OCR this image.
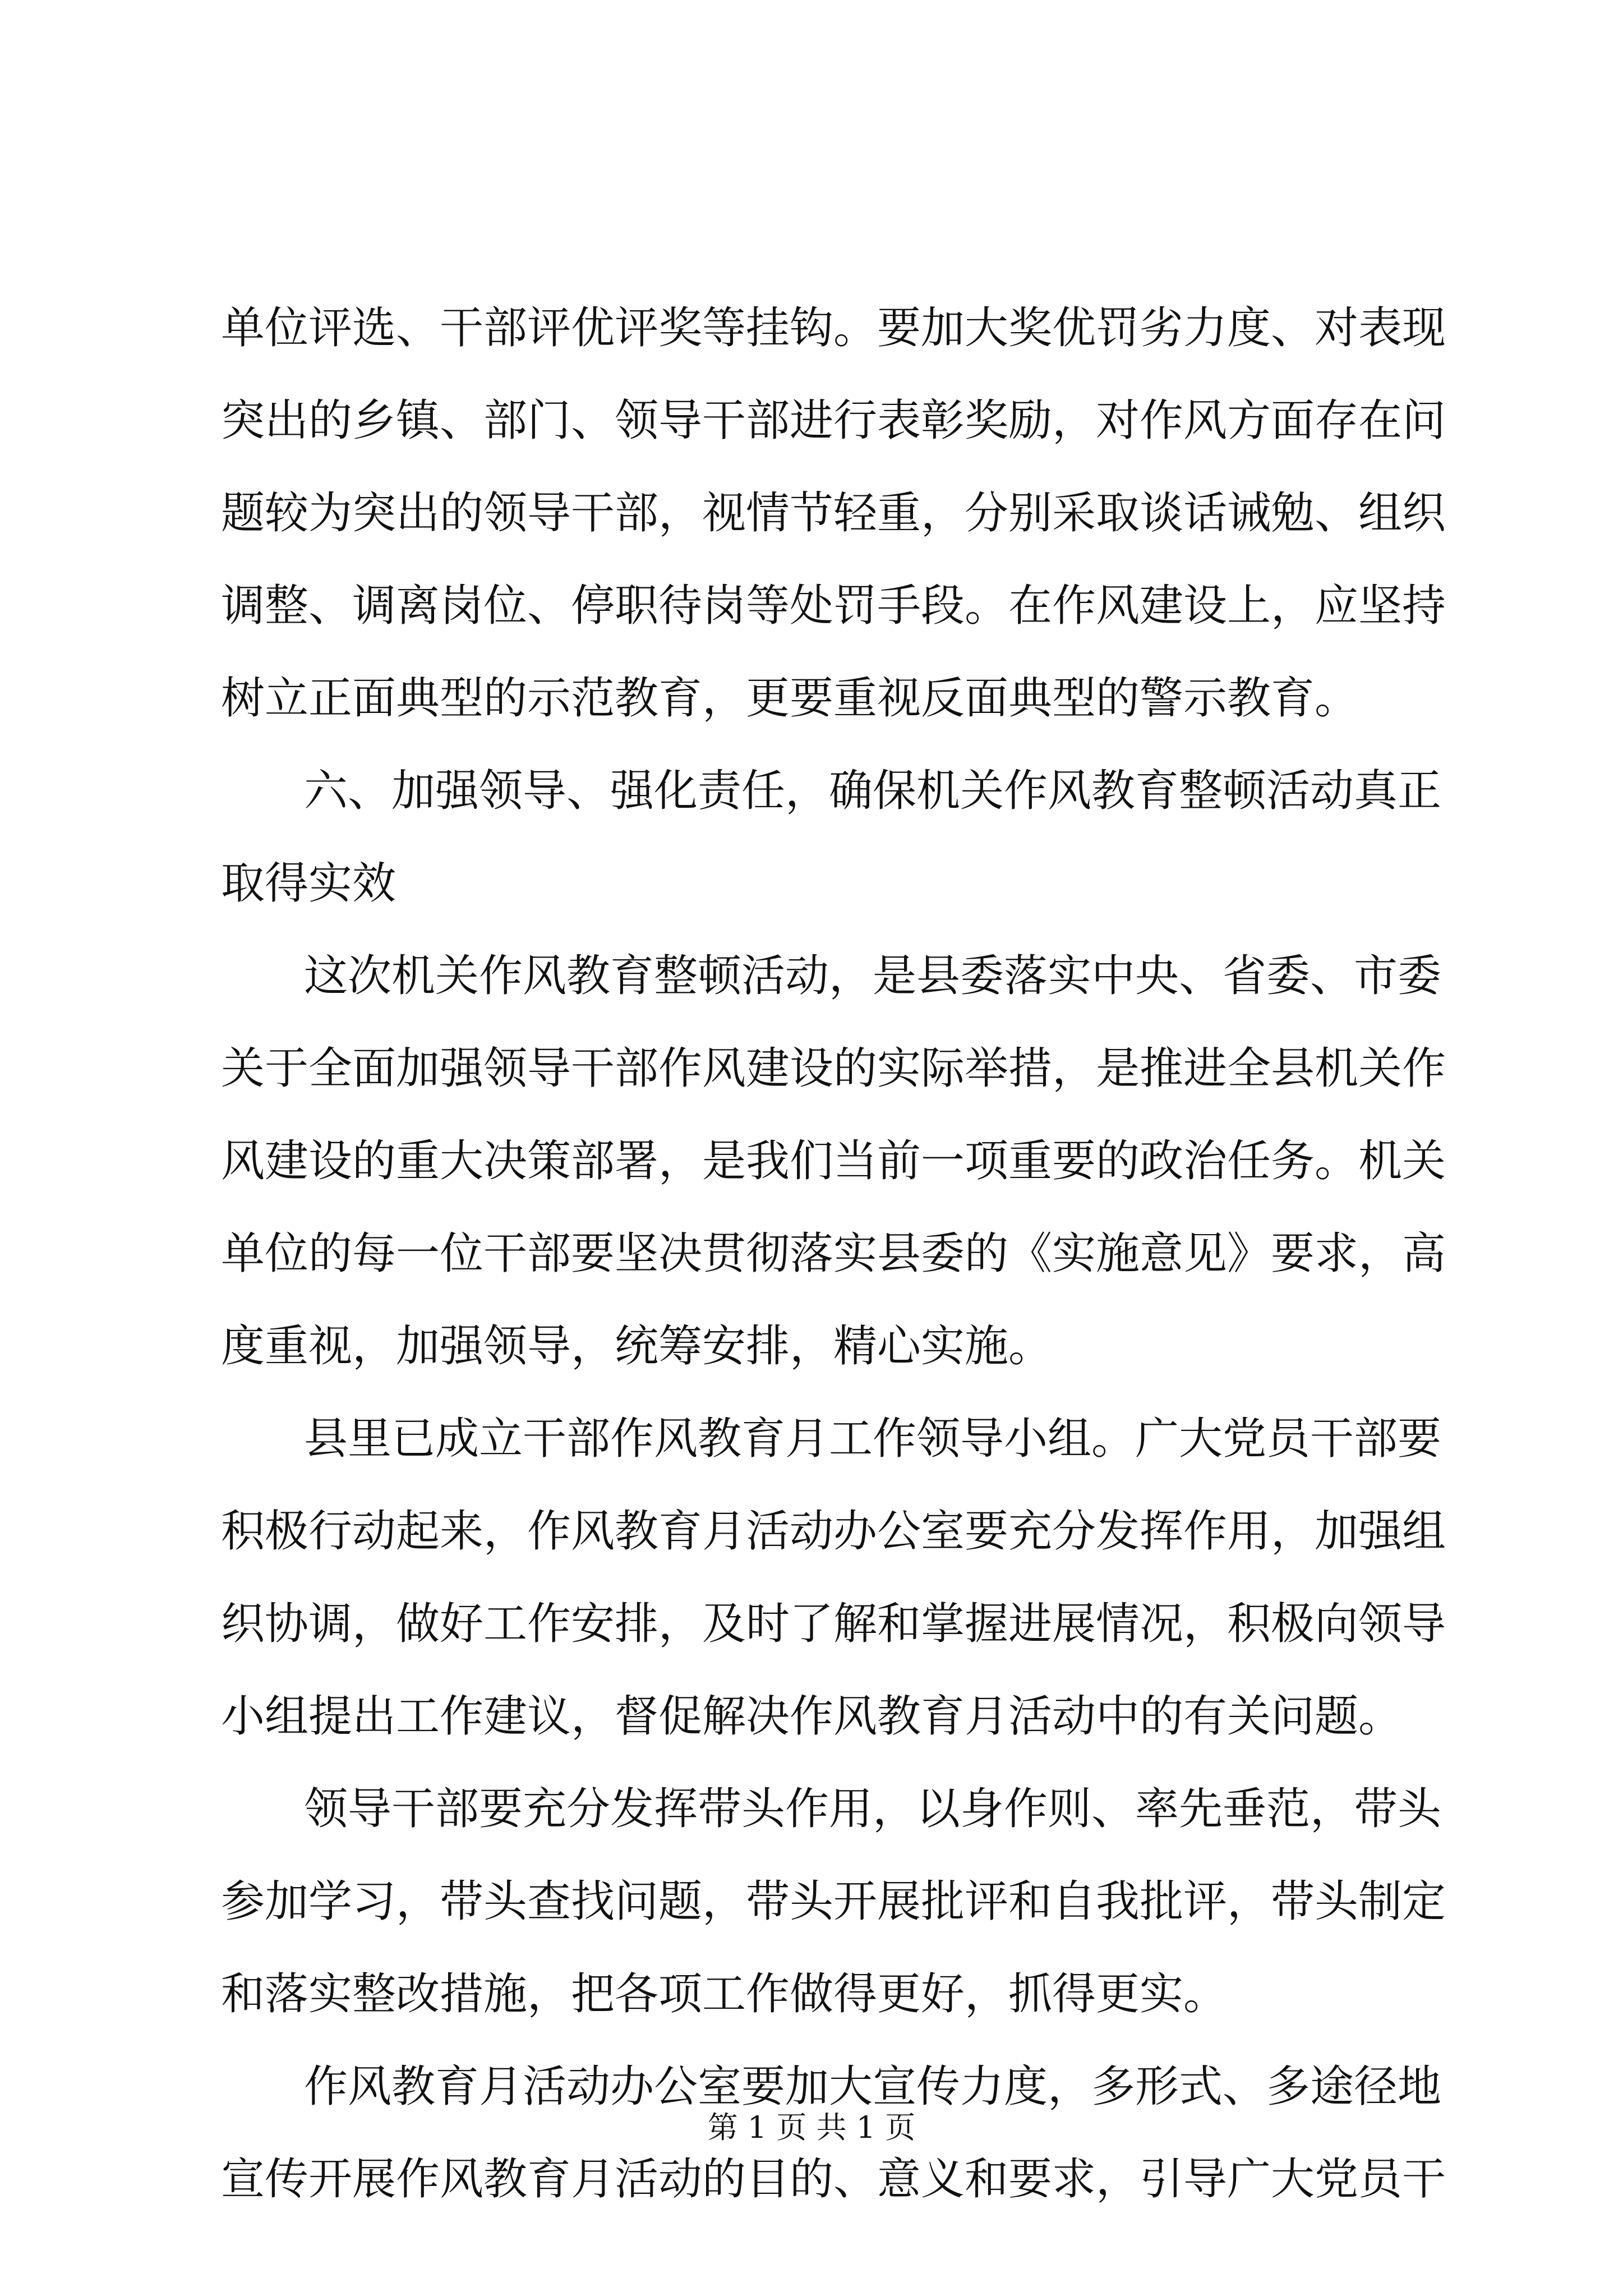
单位评选、干部评优评奖等挂钩。要加大奖优罚劣力度、对表现
突出的乡镇、部门、领导干部进行表彰奖励，对作风方面存在问
题较为突出的领导干部，视情节轻重，分别采取谈话诫勉、组织
调整、调离岗位、停职待岗等处罚手段。在作风建设上，应坚持
树立正面典型的示范教育，更要重视反面典型的警示教育。
六、加强领导、强化责任，确保机关作风教育整顿活动真正
取得实效
这次机关作风教育整顿活动，是县委落实中央、省委、市委
关于全面加强领导干部作风建设的实际举措，是推进全县机关作
风建设的重大决策部署，是我们当前一项重要的政治任务。机关
单位的每一位干部要坚决贯彻落实县委的《实施意见》要求，高
度重视，加强领导，统筹安排，精心实施。
县里已成立干部作风教育月工作领导小组。广大党员干部要
积极行动起来，作风教育月活动办公室要充分发挥作用，加强组
织协调，做好工作安排，及时了解和掌握进展情况，积极向领导
小组提出工作建议，督促解决作风教育月活动中的有关问题。
领导干部要充分发挥带头作用，以身作则、率先垂范，带头
参加学习，带头查找问题，带头开展批评和自我批评，带头制定
和落实整改措施，把各项工作做得更好，抓得更实。
作风教育月活动办公室要加大宣传力度，多形式、多途径地
宣传开展作风教育月活动的目的、意义和要求，引导广大党员干
第 1 页 共 1 页
